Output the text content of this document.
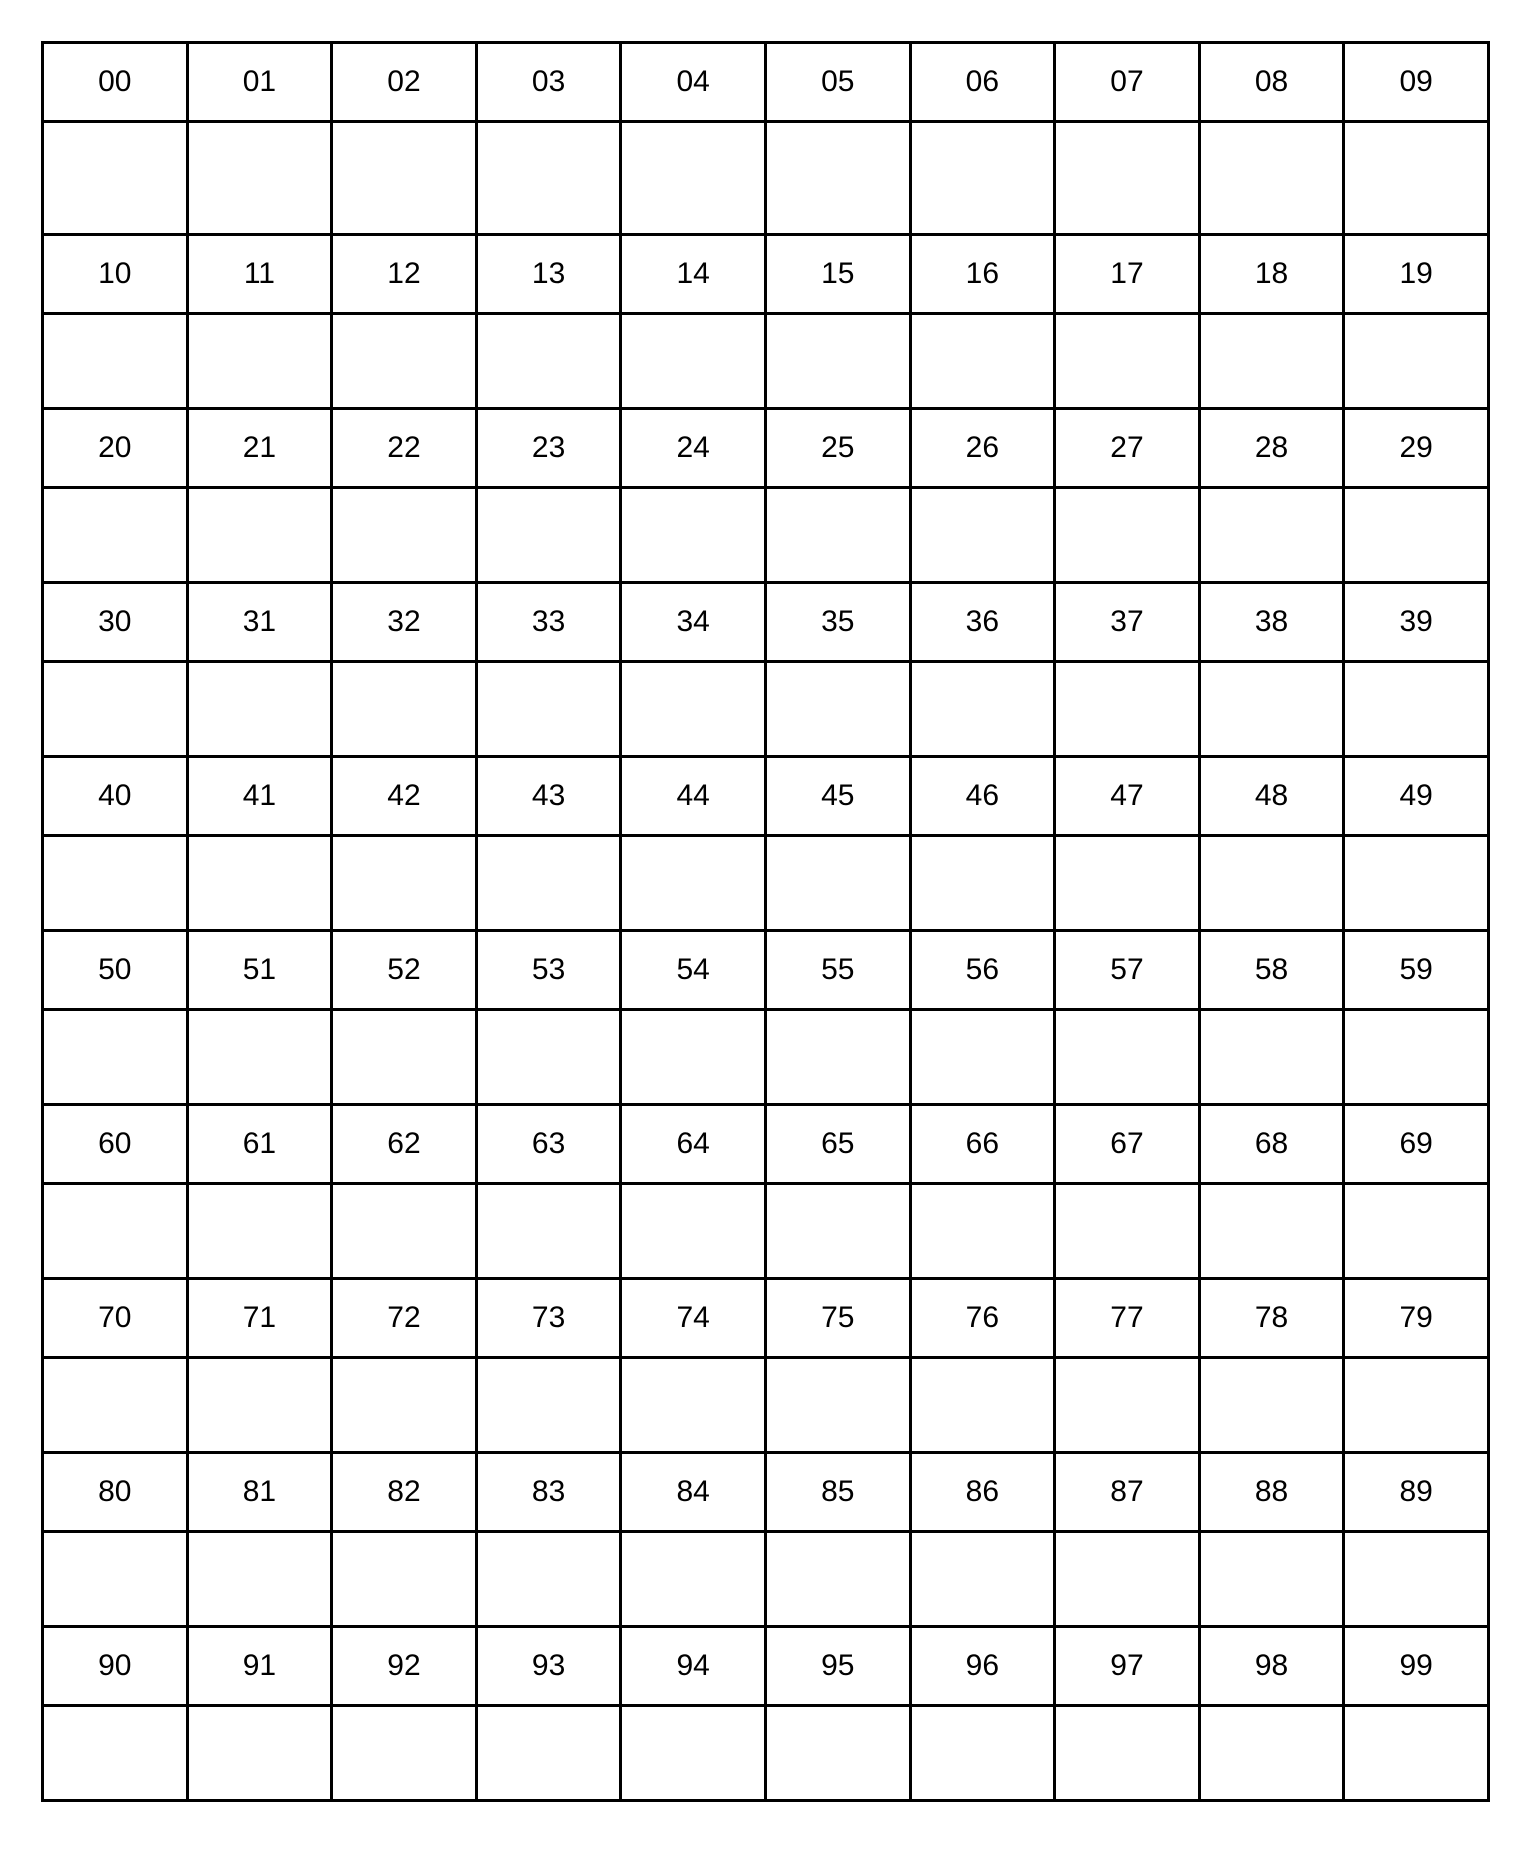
00	01	02	03	04	05	06	07	08	09

10	11	12	13	14	15	16	17	18	19

20	21	22	23	24	25	26	27	28	29

30	31	32	33	34	35	36	37	38	39

40	41	42	43	44	45	46	47	48	49

50	51	52	53	54	55	56	57	58	59

60	61	62	63	64	65	66	67	68	69

70	71	72	73	74	75	76	77	78	79

80	81	82	83	84	85	86	87	88	89

90	91	92	93	94	95	96	97	98	99
